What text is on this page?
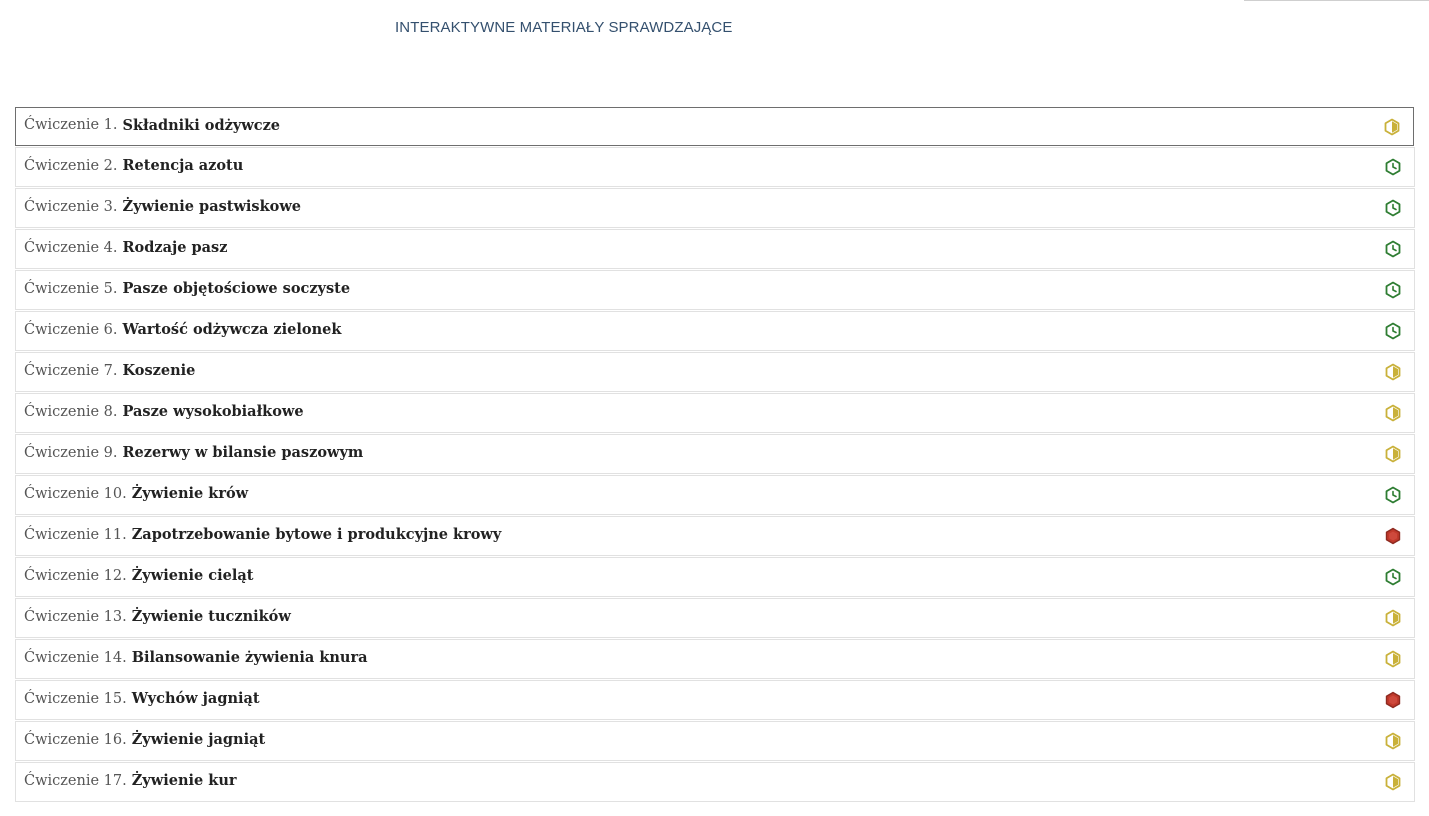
INTERAKTYWNE MATERIAŁY SPRAWDZAJĄCE
Ćwiczenie 1. Składniki odżywcze
Ćwiczenie 2. Retencja azotu
Ćwiczenie 3. Żywienie pastwiskowe
Ćwiczenie 4. Rodzaje pasz
Ćwiczenie 5. Pasze objętościowe soczyste
Ćwiczenie 6. Wartość odżywcza zielonek
Ćwiczenie 7. Koszenie
Ćwiczenie 8. Pasze wysokobiałkowe
Ćwiczenie 9. Rezerwy w bilansie paszowym
Ćwiczenie 10. Żywienie krów
Ćwiczenie 11. Zapotrzebowanie bytowe i produkcyjne krowy
Ćwiczenie 12. Żywienie cieląt
Ćwiczenie 13. Żywienie tuczników
Ćwiczenie 14. Bilansowanie żywienia knura
Ćwiczenie 15. Wychów jagniąt
Ćwiczenie 16. Żywienie jagniąt
Ćwiczenie 17. Żywienie kur
